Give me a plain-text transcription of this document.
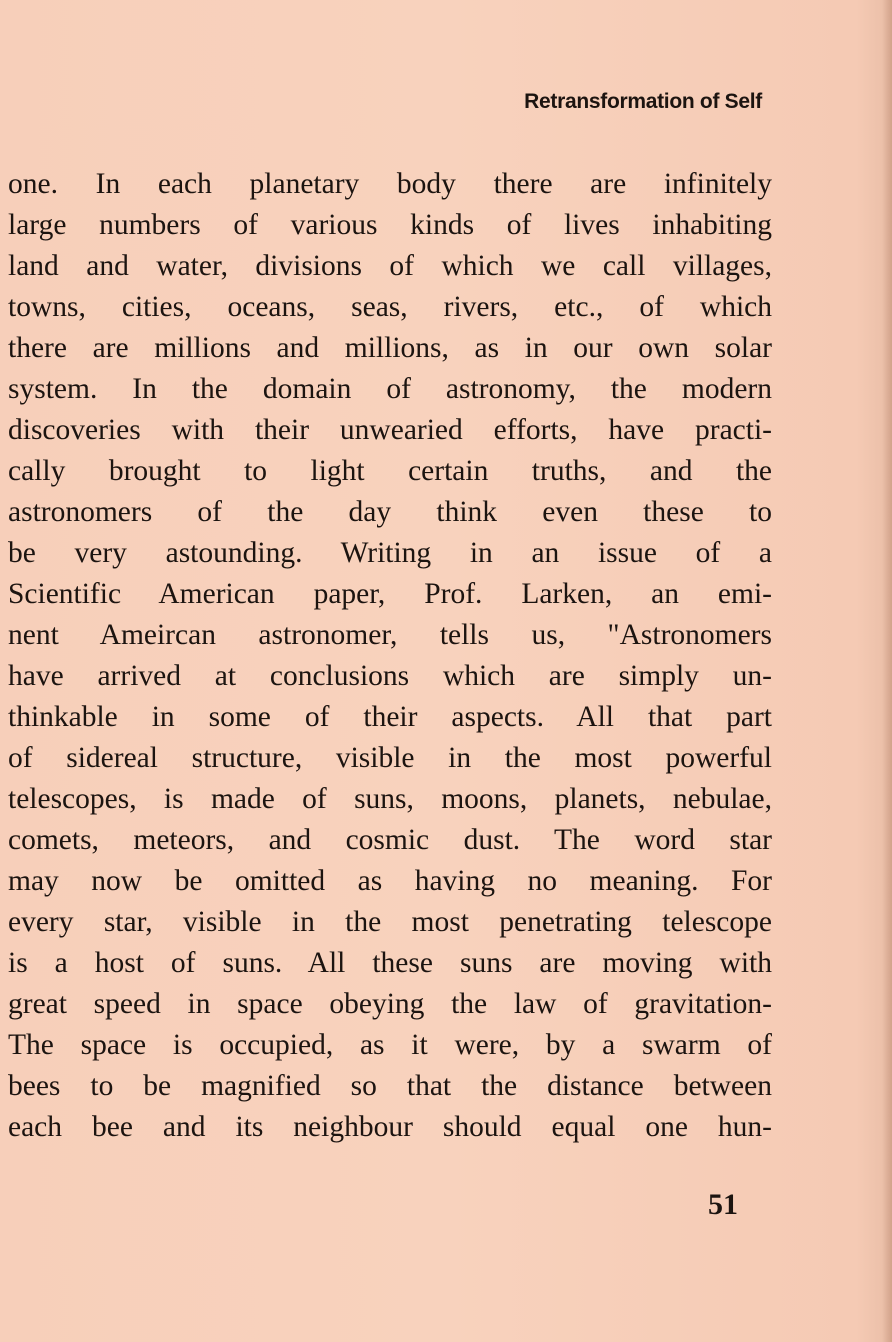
Retransformation of Self
one. In each planetary body there are infinitely
large numbers of various kinds of lives inhabiting
land and water, divisions of which we call villages,
towns, cities, oceans, seas, rivers, etc., of which
there are millions and millions, as in our own solar
system. In the domain of astronomy, the modern
discoveries with their unwearied efforts, have practi-
cally brought to light certain truths, and the
astronomers of the day think even these to
be very astounding. Writing in an issue of a
Scientific American paper, Prof. Larken, an emi-
nent Ameircan astronomer, tells us, "Astronomers
have arrived at conclusions which are simply un-
thinkable in some of their aspects. All that part
of sidereal structure, visible in the most powerful
telescopes, is made of suns, moons, planets, nebulae,
comets, meteors, and cosmic dust. The word star
may now be omitted as having no meaning. For
every star, visible in the most penetrating telescope
is a host of suns. All these suns are moving with
great speed in space obeying the law of gravitation-
The space is occupied, as it were, by a swarm of
bees to be magnified so that the distance between
each bee and its neighbour should equal one hun-
51
